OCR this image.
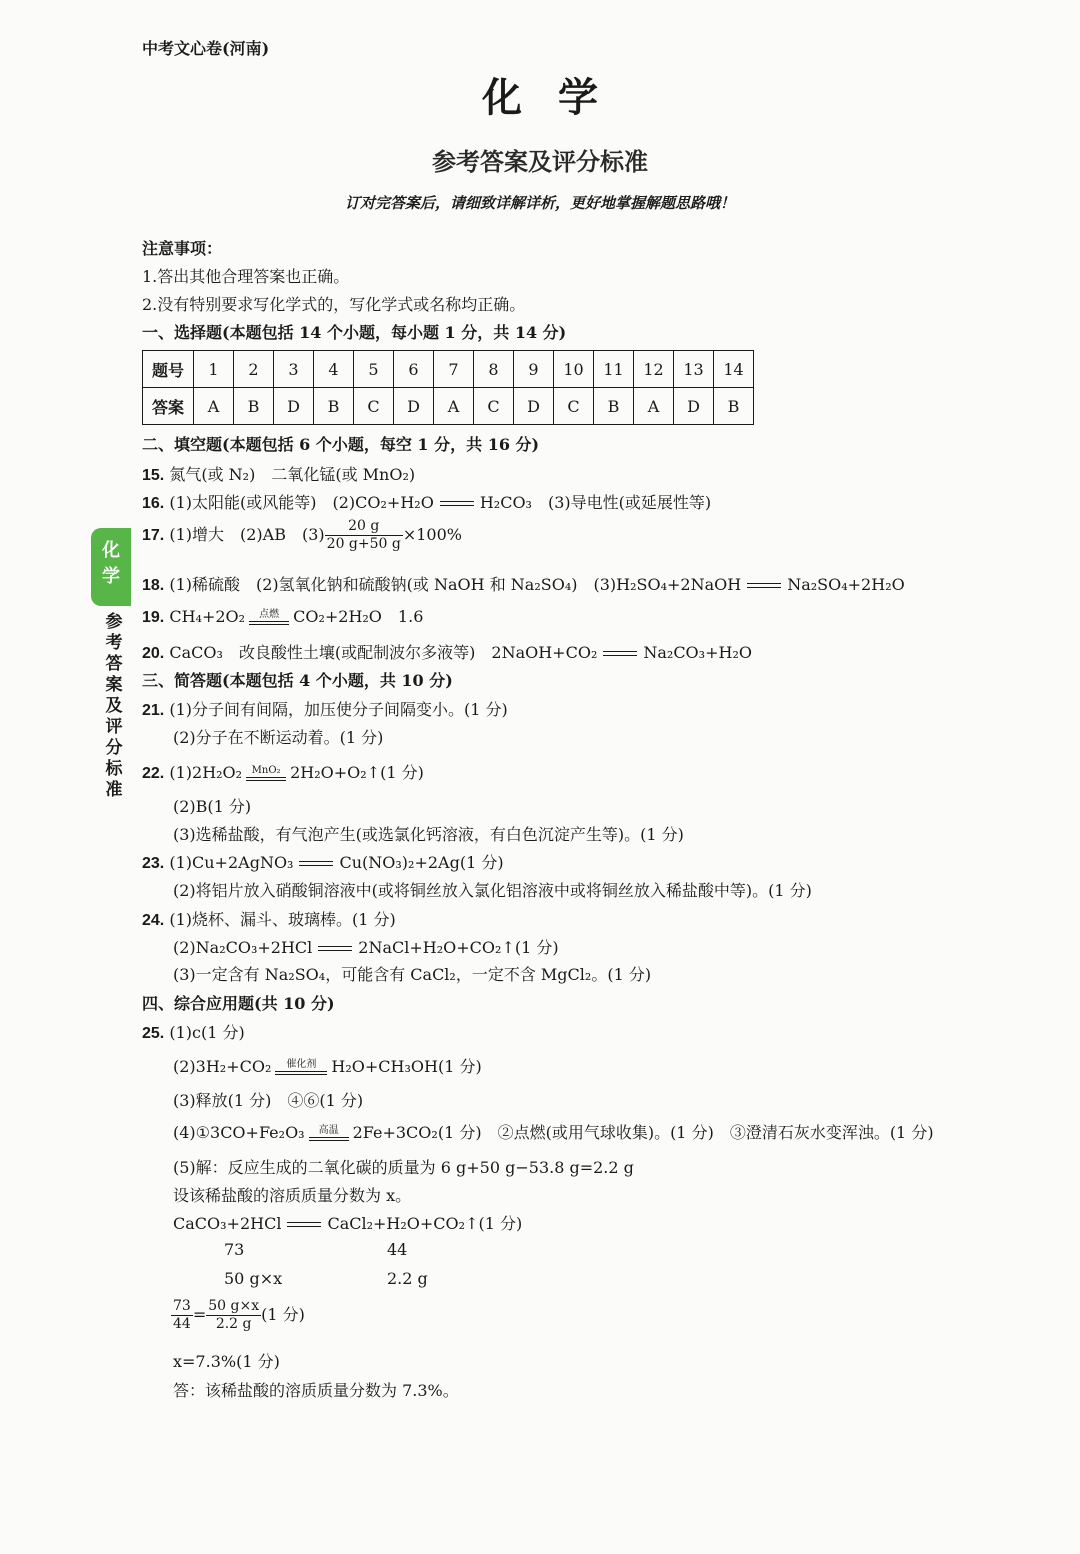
中考文心卷(河南)
化学
参考答案及评分标准
订对完答案后，请细致详解详析，更好地掌握解题思路哦！
化学
参考答案及评分标准
注意事项：
1.答出其他合理答案也正确。
2.没有特别要求写化学式的，写化学式或名称均正确。
一、选择题(本题包括 14 个小题，每小题 1 分，共 14 分)
题号	1	2	3	4	5	6	7	8	9	10	11	12	13	14
答案	A	B	D	B	C	D	A	C	D	C	B	A	D	B
二、填空题(本题包括 6 个小题，每空 1 分，共 16 分)
15. 氮气(或 N₂)　二氧化锰(或 MnO₂)
16. (1)太阳能(或风能等)　(2)CO₂+H₂O	H₂CO₃　(3)导电性(或延展性等)
17. (1)增大　(2)AB　$(3) \frac{20 g}{20 g+50 g} \times 100\%$
18. (1)稀硫酸　(2)氢氧化钠和硫酸钠(或 NaOH 和 Na₂SO₄)　(3)H₂SO₄+2NaOH	Na₂SO₄+2H₂O
19. CH₄+2O₂	点燃 CO₂+2H₂O　1.6
20. CaCO₃　改良酸性土壤(或配制波尔多液等)　2NaOH+CO₂	Na₂CO₃+H₂O
三、简答题(本题包括 4 个小题，共 10 分)
21. (1)分子间有间隔，加压使分子间隔变小。(1 分)
(2)分子在不断运动着。(1 分)
22. (1)2H₂O₂ MnO₂ 2H₂O+O₂↑(1 分)
(2)B(1 分)
(3)选稀盐酸，有气泡产生(或选氯化钙溶液，有白色沉淀产生等)。(1 分)
23. (1)Cu+2AgNO₃	Cu(NO₃)₂+2Ag(1 分)
(2)将铝片放入硝酸铜溶液中(或将铜丝放入氯化铝溶液中或将铜丝放入稀盐酸中等)。(1 分)
24. (1)烧杯、漏斗、玻璃棒。(1 分)
(2)Na₂CO₃+2HCl	2NaCl+H₂O+CO₂↑(1 分)
(3)一定含有 Na₂SO₄，可能含有 CaCl₂，一定不含 MgCl₂。(1 分)
四、综合应用题(共 10 分)
25. (1)c(1 分)
(2)3H₂+CO₂	催化剂 H₂O+CH₃OH(1 分)
(3)释放(1 分)　④⑥(1 分)
(4)①3CO+Fe₂O₃	高温 2Fe+3CO₂(1 分)　②点燃(或用气球收集)。(1 分)　③澄清石灰水变浑浊。(1 分)
(5)解：反应生成的二氧化碳的质量为 6 g+50 g−53.8 g=2.2 g
设该稀盐酸的溶质质量分数为 x。
CaCO₃+2HCl	CaCl₂+H₂O+CO₂↑(1 分)
73	44
50 g×x	2.2 g
$\frac{73}{44} = \frac{50 g\times x}{2.2 g} (1$ 分)
x=7.3%(1 分)
答：该稀盐酸的溶质质量分数为 7.3%。
